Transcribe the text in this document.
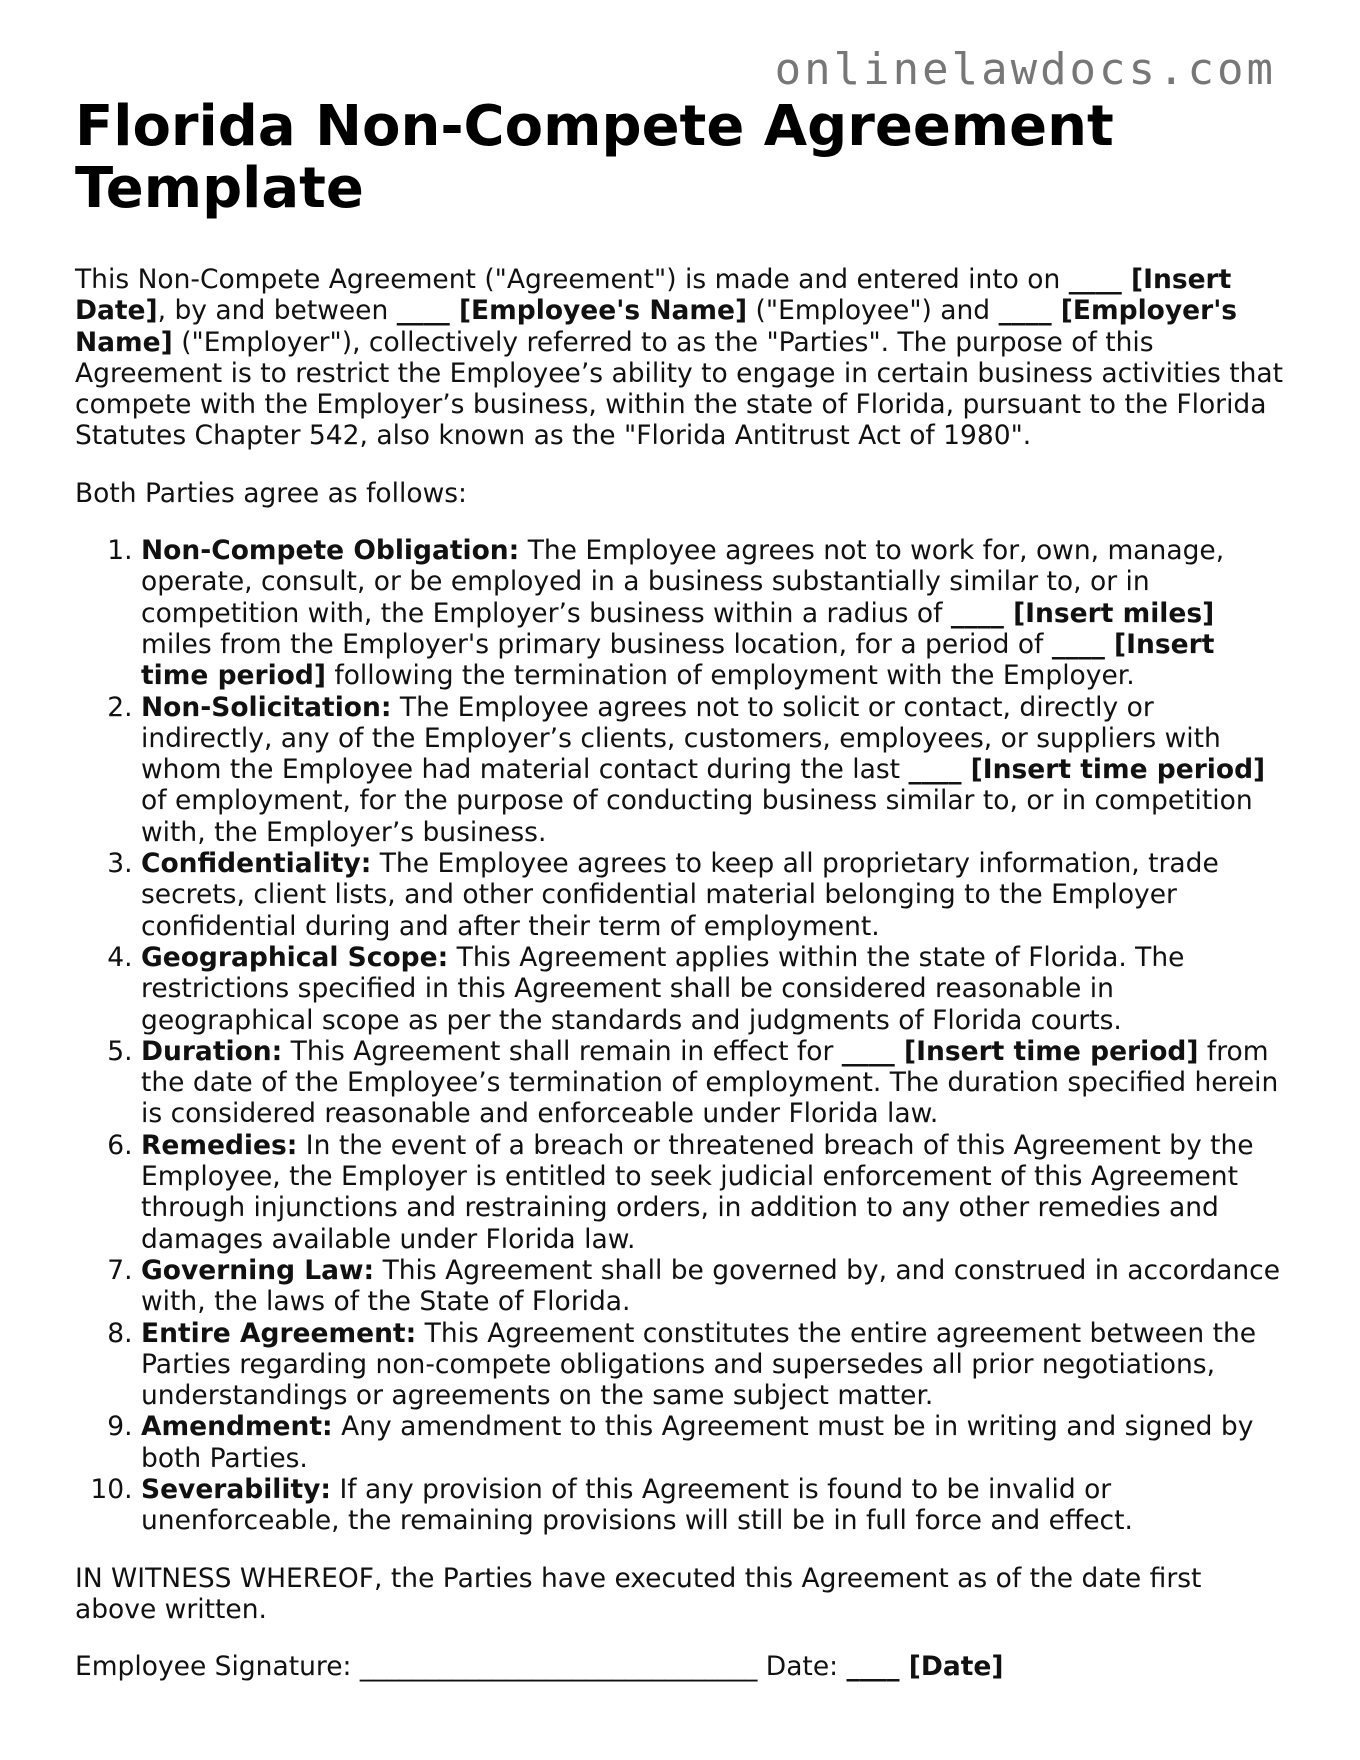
onlinelawdocs.com
Florida Non-Compete Agreement Template

This Non-Compete Agreement ("Agreement") is made and entered into on ____ [Insert Date], by and between ____ [Employee's Name] ("Employee") and ____ [Employer's Name] ("Employer"), collectively referred to as the "Parties". The purpose of this Agreement is to restrict the Employee’s ability to engage in certain business activities that compete with the Employer’s business, within the state of Florida, pursuant to the Florida Statutes Chapter 542, also known as the "Florida Antitrust Act of 1980".

Both Parties agree as follows:

1. Non-Compete Obligation: The Employee agrees not to work for, own, manage, operate, consult, or be employed in a business substantially similar to, or in competition with, the Employer’s business within a radius of ____ [Insert miles] miles from the Employer's primary business location, for a period of ____ [Insert time period] following the termination of employment with the Employer.
2. Non-Solicitation: The Employee agrees not to solicit or contact, directly or indirectly, any of the Employer’s clients, customers, employees, or suppliers with whom the Employee had material contact during the last ____ [Insert time period] of employment, for the purpose of conducting business similar to, or in competition with, the Employer’s business.
3. Confidentiality: The Employee agrees to keep all proprietary information, trade secrets, client lists, and other confidential material belonging to the Employer confidential during and after their term of employment.
4. Geographical Scope: This Agreement applies within the state of Florida. The restrictions specified in this Agreement shall be considered reasonable in geographical scope as per the standards and judgments of Florida courts.
5. Duration: This Agreement shall remain in effect for ____ [Insert time period] from the date of the Employee’s termination of employment. The duration specified herein is considered reasonable and enforceable under Florida law.
6. Remedies: In the event of a breach or threatened breach of this Agreement by the Employee, the Employer is entitled to seek judicial enforcement of this Agreement through injunctions and restraining orders, in addition to any other remedies and damages available under Florida law.
7. Governing Law: This Agreement shall be governed by, and construed in accordance with, the laws of the State of Florida.
8. Entire Agreement: This Agreement constitutes the entire agreement between the Parties regarding non-compete obligations and supersedes all prior negotiations, understandings or agreements on the same subject matter.
9. Amendment: Any amendment to this Agreement must be in writing and signed by both Parties.
10. Severability: If any provision of this Agreement is found to be invalid or unenforceable, the remaining provisions will still be in full force and effect.

IN WITNESS WHEREOF, the Parties have executed this Agreement as of the date first above written.

Employee Signature: ______________________________ Date: ____ [Date]
